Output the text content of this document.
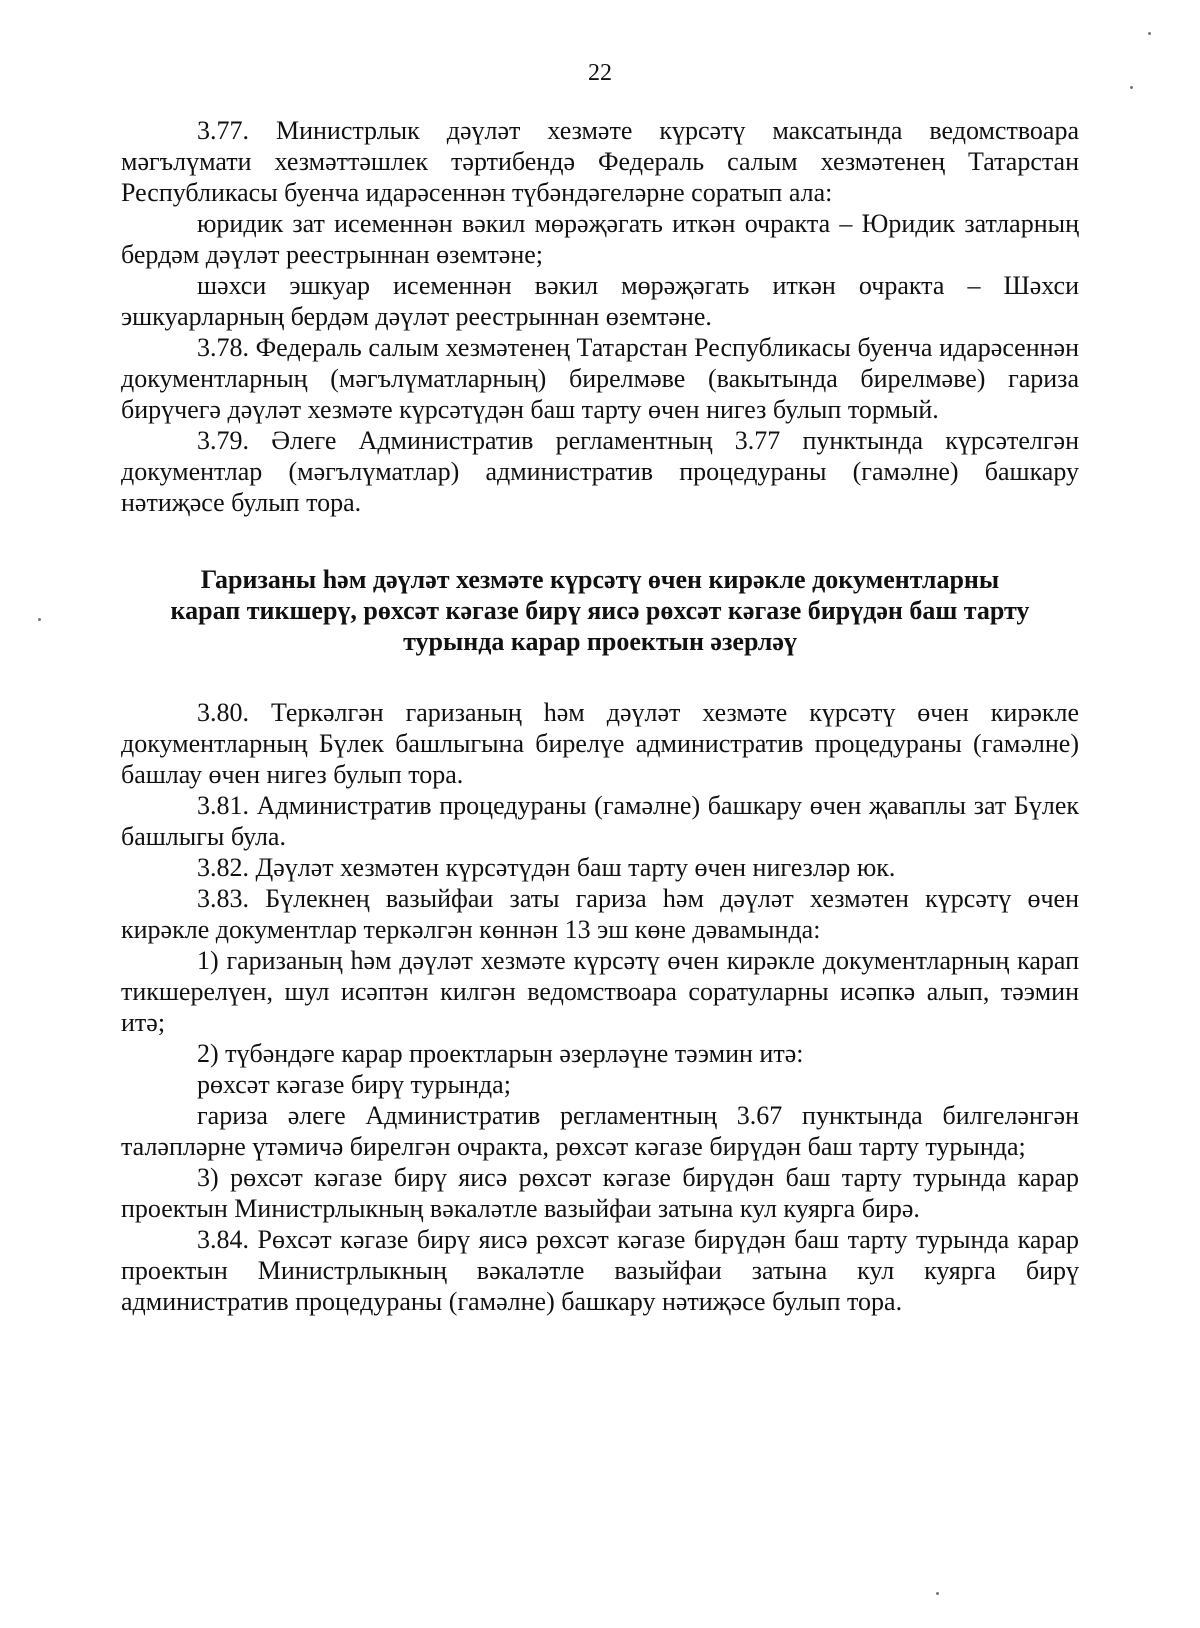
22

3.77. Министрлык дәүләт хезмәте күрсәтү максатында ведомствоара мәгълүмати хезмәттәшлек тәртибендә Федераль салым хезмәтенең Татарстан Республикасы буенча идарәсеннән түбәндәгеләрне соратып ала:

юридик зат исеменнән вәкил мөрәҗәгать иткән очракта – Юридик затларның бердәм дәүләт реестрыннан өземтәне;

шәхси эшкуар исеменнән вәкил мөрәҗәгать иткән очракта – Шәхси эшкуарларның бердәм дәүләт реестрыннан өземтәне.

3.78. Федераль салым хезмәтенең Татарстан Республикасы буенча идарәсеннән документларның (мәгълүматларның) бирелмәве (вакытында бирелмәве) гариза бирүчегә дәүләт хезмәте күрсәтүдән баш тарту өчен нигез булып тормый.

3.79. Әлеге Административ регламентның 3.77 пунктында күрсәтелгән документлар (мәгълүматлар) административ процедураны (гамәлне) башкару нәтиҗәсе булып тора.

Гаризаны һәм дәүләт хезмәте күрсәтү өчен кирәкле документларны
карап тикшерү, рөхсәт кәгазе бирү яисә рөхсәт кәгазе бирүдән баш тарту
турында карар проектын әзерләү

3.80. Теркәлгән гаризаның һәм дәүләт хезмәте күрсәтү өчен кирәкле документларның Бүлек башлыгына бирелүе административ процедураны (гамәлне) башлау өчен нигез булып тора.

3.81. Административ процедураны (гамәлне) башкару өчен җаваплы зат Бүлек башлыгы була.

3.82. Дәүләт хезмәтен күрсәтүдән баш тарту өчен нигезләр юк.

3.83. Бүлекнең вазыйфаи заты гариза һәм дәүләт хезмәтен күрсәтү өчен кирәкле документлар теркәлгән көннән 13 эш көне дәвамында:

1) гаризаның һәм дәүләт хезмәте күрсәтү өчен кирәкле документларның карап тикшерелүен, шул исәптән килгән ведомствоара соратуларны исәпкә алып, тәэмин итә;

2) түбәндәге карар проектларын әзерләүне тәэмин итә:

рөхсәт кәгазе бирү турында;

гариза әлеге Административ регламентның 3.67 пунктында билгеләнгән таләпләрне үтәмичә бирелгән очракта, рөхсәт кәгазе бирүдән баш тарту турында;

3) рөхсәт кәгазе бирү яисә рөхсәт кәгазе бирүдән баш тарту турында карар проектын Министрлыкның вәкаләтле вазыйфаи затына кул куярга бирә.

3.84. Рөхсәт кәгазе бирү яисә рөхсәт кәгазе бирүдән баш тарту турында карар проектын Министрлыкның вәкаләтле вазыйфаи затына кул куярга бирү административ процедураны (гамәлне) башкару нәтиҗәсе булып тора.
